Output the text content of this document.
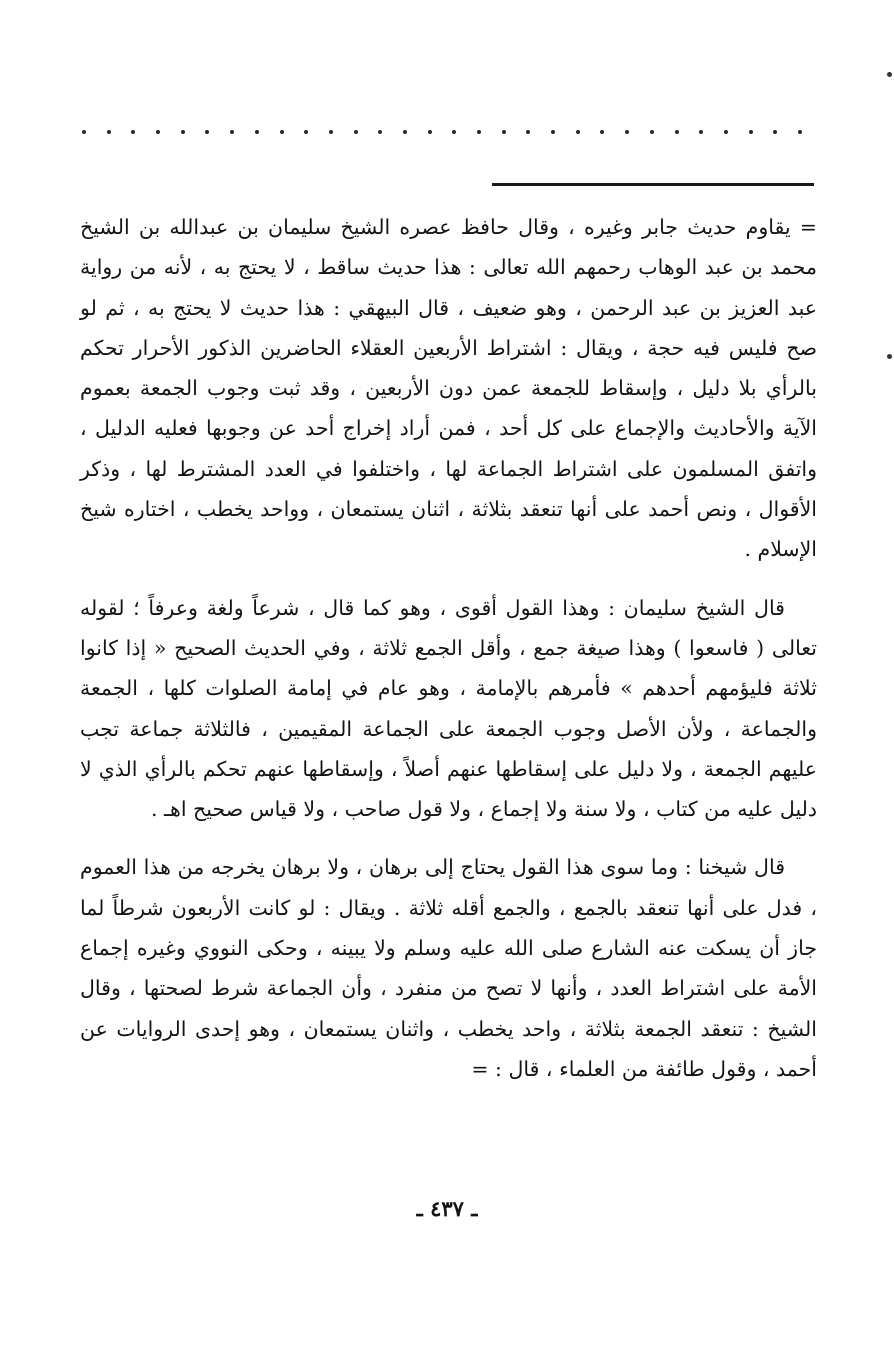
= يقاوم حديث جابر وغيره ، وقال حافظ عصره الشيخ سليمان بن عبدالله بن الشيخ محمد بن عبد الوهاب رحمهم الله تعالى : هذا حديث ساقط ، لا يحتج به ، لأنه من رواية عبد العزيز بن عبد الرحمن ، وهو ضعيف ، قال البيهقي : هذا حديث لا يحتج به ، ثم لو صح فليس فيه حجة ، ويقال : اشتراط الأربعين العقلاء الحاضرين الذكور الأحرار تحكم بالرأي بلا دليل ، وإسقاط للجمعة عمن دون الأربعين ، وقد ثبت وجوب الجمعة بعموم الآية والأحاديث والإجماع على كل أحد ، فمن أراد إخراج أحد عن وجوبها فعليه الدليل ، واتفق المسلمون على اشتراط الجماعة لها ، واختلفوا في العدد المشترط لها ، وذكر الأقوال ، ونص أحمد على أنها تنعقد بثلاثة ، اثنان يستمعان ، وواحد يخطب ، اختاره شيخ الإسلام .

قال الشيخ سليمان : وهذا القول أقوى ، وهو كما قال ، شرعاً ولغة وعرفاً ؛ لقوله تعالى ( فاسعوا ) وهذا صيغة جمع ، وأقل الجمع ثلاثة ، وفي الحديث الصحيح « إذا كانوا ثلاثة فليؤمهم أحدهم » فأمرهم بالإمامة ، وهو عام في إمامة الصلوات كلها ، الجمعة والجماعة ، ولأن الأصل وجوب الجمعة على الجماعة المقيمين ، فالثلاثة جماعة تجب عليهم الجمعة ، ولا دليل على إسقاطها عنهم أصلاً ، وإسقاطها عنهم تحكم بالرأي الذي لا دليل عليه من كتاب ، ولا سنة ولا إجماع ، ولا قول صاحب ، ولا قياس صحيح اهـ .

قال شيخنا : وما سوى هذا القول يحتاج إلى برهان ، ولا برهان يخرجه من هذا العموم ، فدل على أنها تنعقد بالجمع ، والجمع أقله ثلاثة . ويقال : لو كانت الأربعون شرطاً لما جاز أن يسكت عنه الشارع صلى الله عليه وسلم ولا يبينه ، وحكى النووي وغيره إجماع الأمة على اشتراط العدد ، وأنها لا تصح من منفرد ، وأن الجماعة شرط لصحتها ، وقال الشيخ : تنعقد الجمعة بثلاثة ، واحد يخطب ، واثنان يستمعان ، وهو إحدى الروايات عن أحمد ، وقول طائفة من العلماء ، قال : =

ـ ٤٣٧ ـ
